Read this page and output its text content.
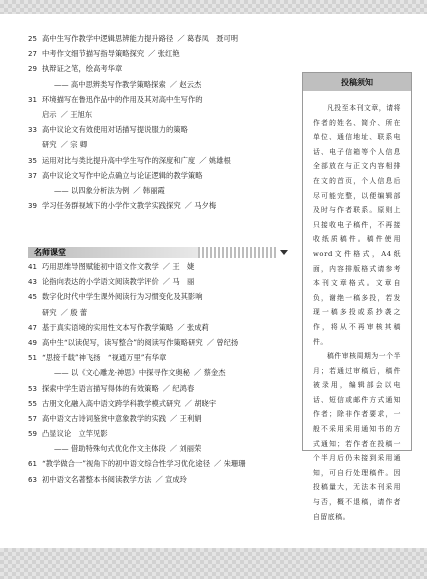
25 高中生写作教学中逻辑思辨能力提升路径 ／ 葛春凤　聂可明
27 中考作文细节描写指导策略探究 ／ 张红艳
29 执辩证之笔，绘高考华章
—— 高中思辨类写作教学策略探索 ／ 赵云杰
31 环境描写在鲁迅作品中的作用及其对高中生写作的
启示 ／ 王旭东
33 高中议论文有效使用对话描写提说服力的策略
研究 ／ 宗 卿
35 运用对比与类比提升高中学生写作的深度和广度 ／ 姚雄根
37 高中议论文写作中论点确立与论证逻辑的教学策略
—— 以四象分析法为例 ／ 韩丽霞
39 学习任务群视域下的小学作文教学实践探究 ／ 马夕梅
名师课堂
41 巧用思维导图赋能初中语文作文教学 ／ 王　婕
43 论指向表达的小学语文阅读教学评价 ／ 马　丽
45 数字化时代中学生课外阅读行为习惯变化及其影响
研究 ／ 殷 蕾
47 基于真实语境的实用性文本写作教学策略 ／ 张成莉
49 高中生“以读促写，读写整合”的阅读写作策略研究 ／ 曾纪扬
51 “思接千载”神飞扬　“视通万里”有华章
—— 以《文心雕龙·神思》中探寻作文奥秘 ／ 蔡金杰
53 探索中学生语言描写得体的有效策略 ／ 纪鸿春
55 古朋文化融入高中语文跨学科教学模式研究 ／ 胡晓宇
57 高中语文古诗词鉴赏中意象教学的实践 ／ 王利娟
59 凸显议论　立竿见影
—— 借助特殊句式优化作文主体段 ／ 刘丽荣
61 “教学做合一”视角下的初中语文综合性学习优化途径 ／ 朱珊珊
63 初中语文名著整本书阅读教学方法 ／ 宣成玲
投稿须知

凡投至本刊文章，请将作者的姓名、简介、所在单位、通信地址、联系电话、电子信箱等个人信息全部放在与正文内容相排在文的首页，个人信息后尽可能完整，以便编辑部及时与作者联系。原则上只接收电子稿件，不再接收纸质稿件。稿件使用word文件格式，A4纸面，内容排版格式请参考本刊文章格式。文章自负，谢绝一稿多投，若发现一稿多投或系抄袭之作，将从不再审核其稿件。

稿件审核周期为一个半月；若通过审稿后，稿件被录用，编辑部会以电话、短信或邮件方式通知作者；除非作者要求，一般不采用采用通知书的方式通知；若作者在投稿一个半月后仍未接到采用通知，可自行处理稿件。因投稿量大，无法本刊采用与否，概不退稿，请作者自留底稿。
